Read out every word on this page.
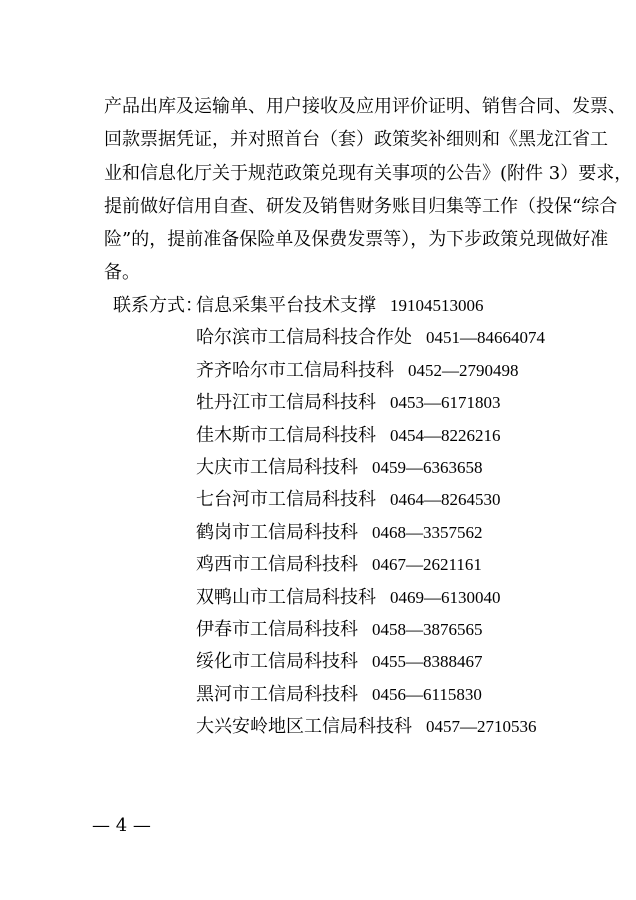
产品出库及运输单、用户接收及应用评价证明、销售合同、发票、
回款票据凭证，并对照首台（套）政策奖补细则和《黑龙江省工
业和信息化厅关于规范政策兑现有关事项的公告》(附件 3）要求，
提前做好信用自查、研发及销售财务账目归集等工作（投保“综合
险”的，提前准备保险单及保费发票等），为下步政策兑现做好准
备。
联系方式：
信息采集平台技术支撑 19104513006
哈尔滨市工信局科技合作处 0451—84664074
齐齐哈尔市工信局科技科 0452—2790498
牡丹江市工信局科技科 0453—6171803
佳木斯市工信局科技科 0454—8226216
大庆市工信局科技科 0459—6363658
七台河市工信局科技科 0464—8264530
鹤岗市工信局科技科 0468—3357562
鸡西市工信局科技科 0467—2621161
双鸭山市工信局科技科 0469—6130040
伊春市工信局科技科 0458—3876565
绥化市工信局科技科 0455—8388467
黑河市工信局科技科 0456—6115830
大兴安岭地区工信局科技科 0457—2710536
— 4 —
